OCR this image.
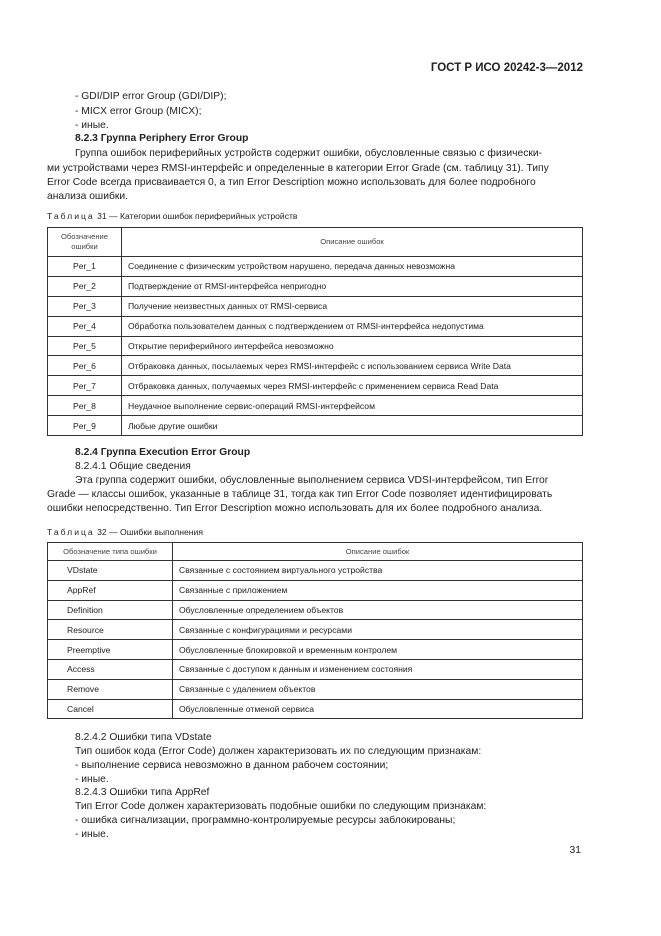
ГОСТ Р ИСО 20242-3—2012
- GDI/DIP error Group (GDI/DIP);
- MICX error Group (MICX);
- иные.
8.2.3 Группа Periphery Error Group
Группа ошибок периферийных устройств содержит ошибки, обусловленные связью с физически-
ми устройствами через RMSI-интерфейс и определенные в категории Error Grade (см. таблицу 31). Типу
Error Code всегда присваивается 0, а тип Error Description можно использовать для более подробного
анализа ошибки.
Таблица 31 — Категории ошибок периферийных устройств
Обозначение ошибки	Описание ошибок
Per_1	Соединение с физическим устройством нарушено, передача данных невозможна
Per_2	Подтверждение от RMSI-интерфейса непригодно
Per_3	Получение неизвестных данных от RMSI-сервиса
Per_4	Обработка пользователем данных с подтверждением от RMSI-интерфейса недопустима
Per_5	Открытие периферийного интерфейса невозможно
Per_6	Отбраковка данных, посылаемых через RMSI-интерфейс с использованием сервиса Write Data
Per_7	Отбраковка данных, получаемых через RMSI-интерфейс с применением сервиса Read Data
Per_8	Неудачное выполнение сервис-операций RMSI-интерфейсом
Per_9	Любые другие ошибки
8.2.4 Группа Execution Error Group
8.2.4.1 Общие сведения
Эта группа содержит ошибки, обусловленные выполнением сервиса VDSI-интерфейсом, тип Error
Grade — классы ошибок, указанные в таблице 31, тогда как тип Error Code позволяет идентифицировать
ошибки непосредственно. Тип Error Description можно использовать для их более подробного анализа.
Таблица 32 — Ошибки выполнения
Обозначение типа ошибки	Описание ошибок
VDstate	Связанные с состоянием виртуального устройства
AppRef	Связанные с приложением
Definition	Обусловленные определением объектов
Resource	Связанные с конфигурациями и ресурсами
Preemptive	Обусловленные блокировкой и временным контролем
Access	Связанные с доступом к данным и изменением состояния
Remove	Связанные с удалением объектов
Cancel	Обусловленные отменой сервиса
8.2.4.2 Ошибки типа VDstate
Тип ошибок кода (Error Code) должен характеризовать их по следующим признакам:
- выполнение сервиса невозможно в данном рабочем состоянии;
- иные.
8.2.4.3 Ошибки типа AppRef
Тип Error Code должен характеризовать подобные ошибки по следующим признакам:
- ошибка сигнализации, программно-контролируемые ресурсы заблокированы;
- иные.
31
